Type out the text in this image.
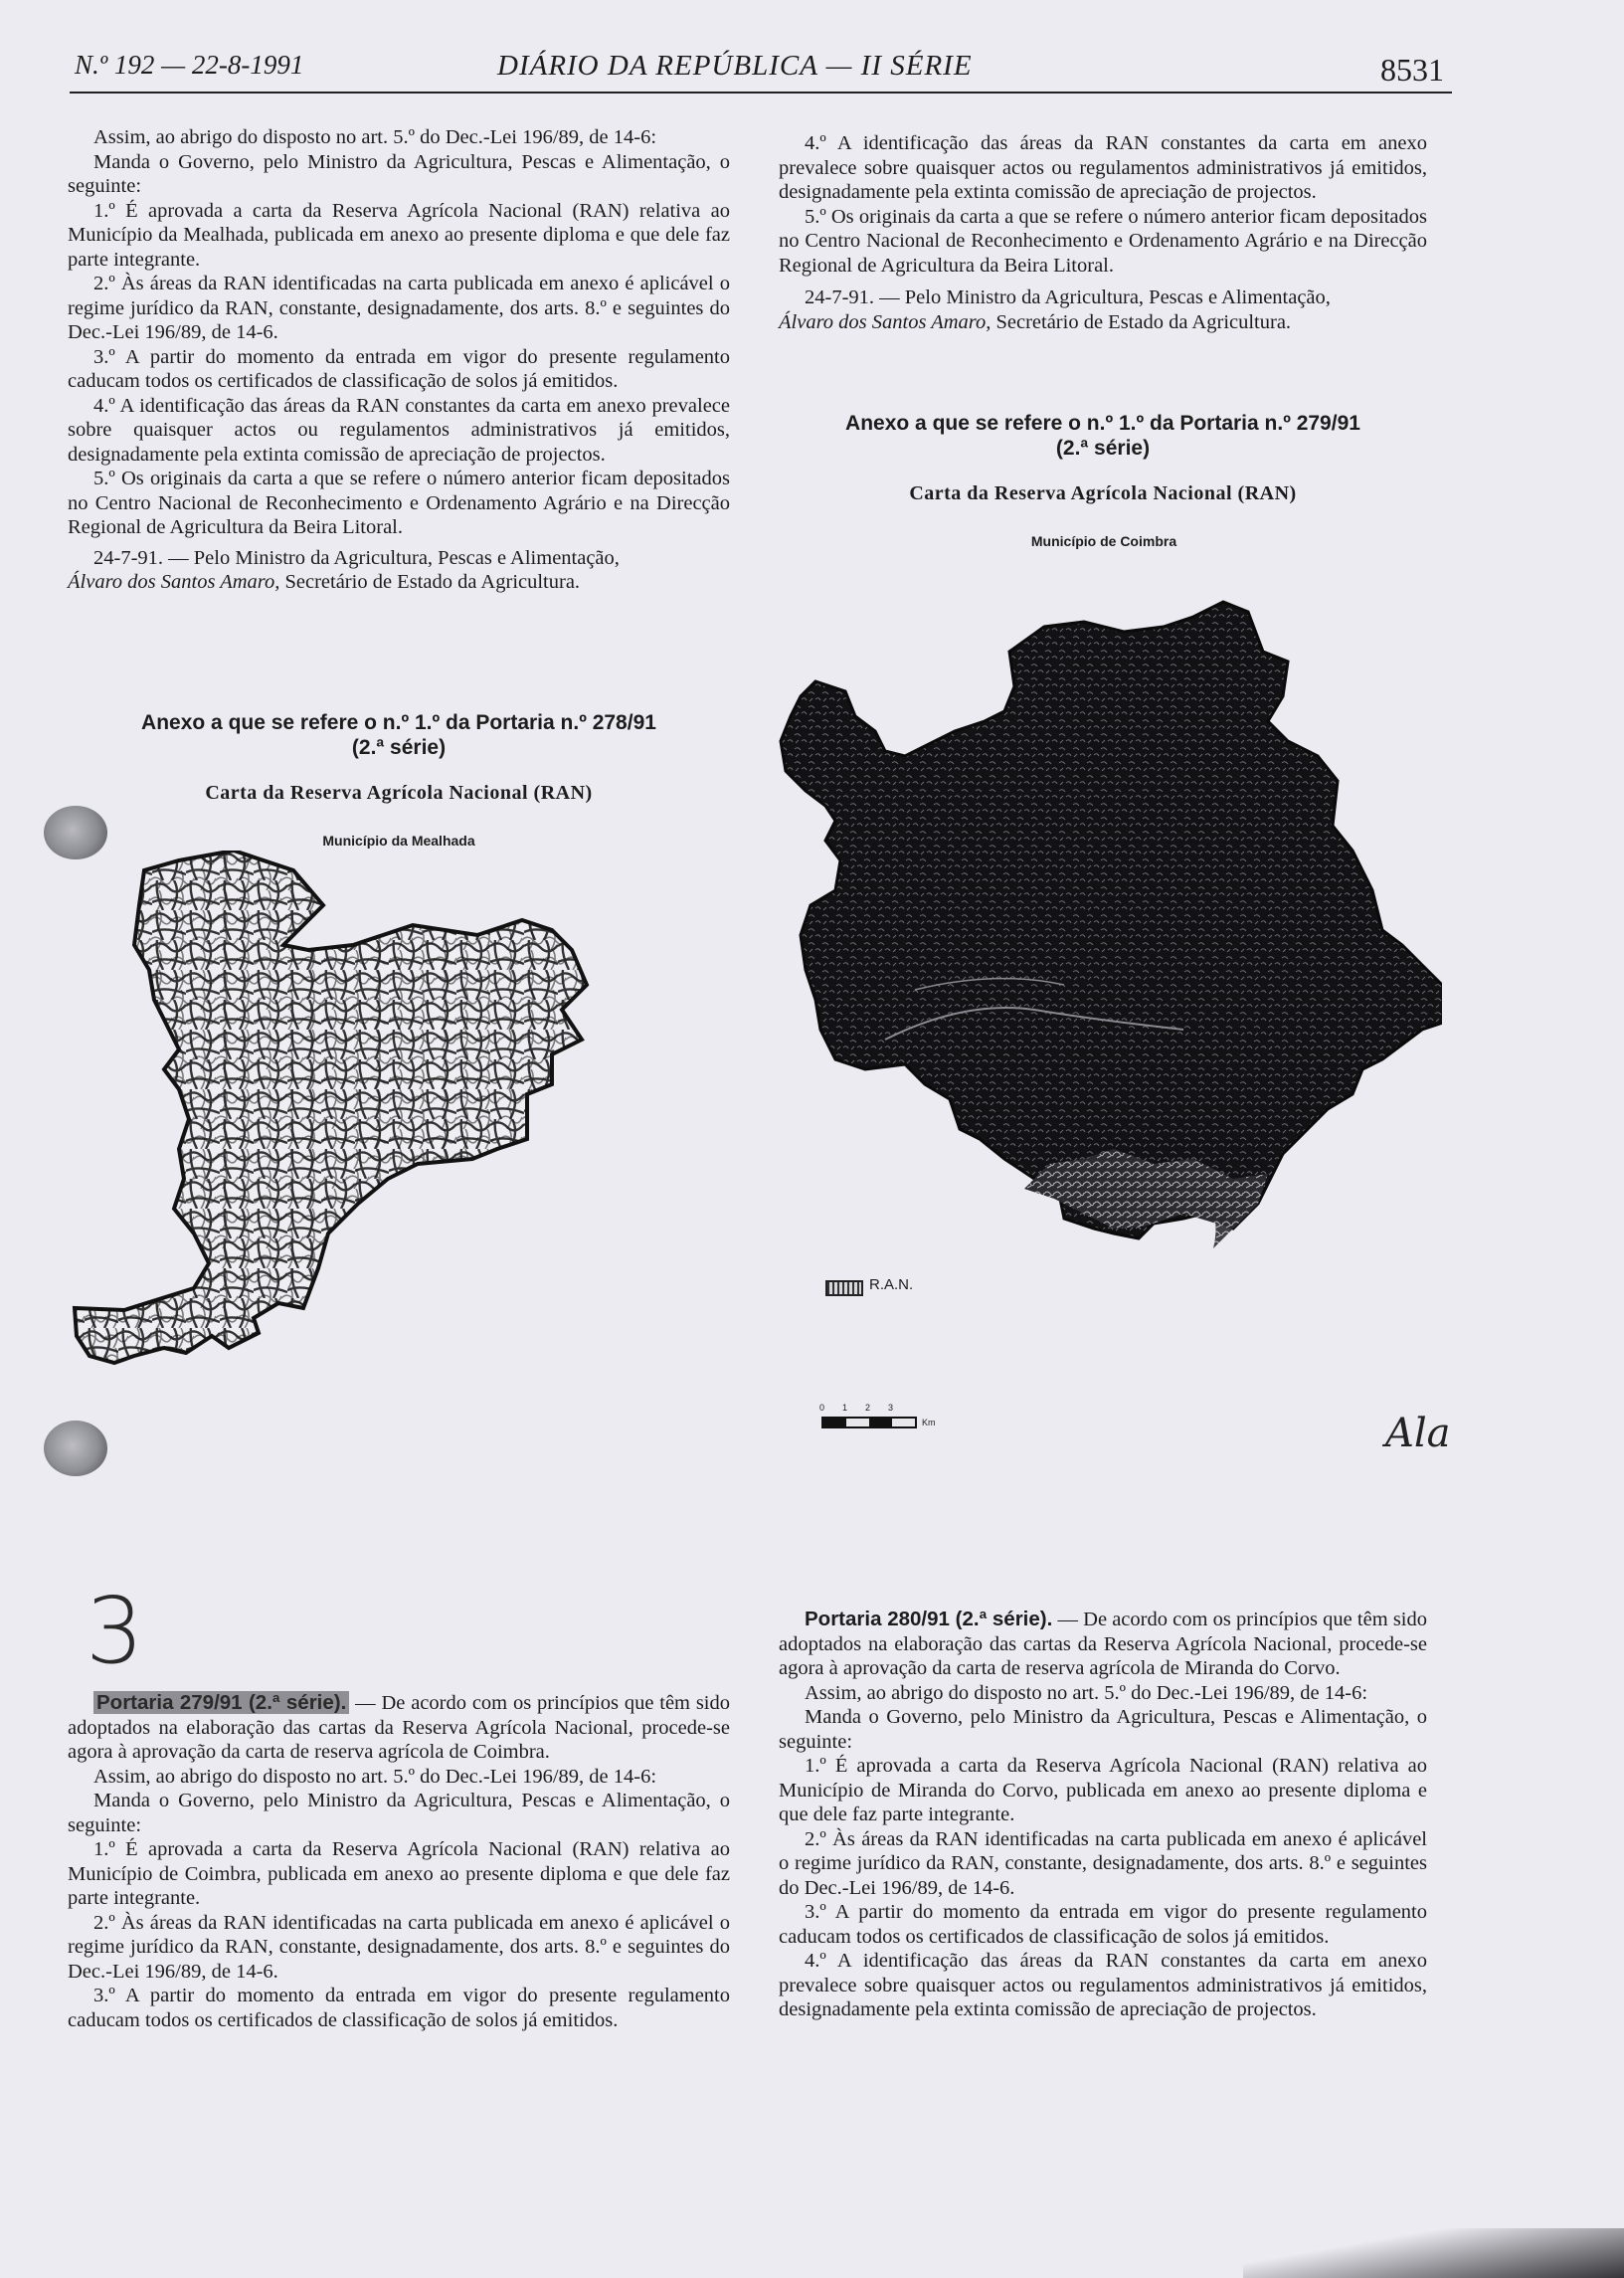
N.º 192 — 22-8-1991	DIÁRIO DA REPÚBLICA — II SÉRIE	8531

Assim, ao abrigo do disposto no art. 5.º do Dec.-Lei 196/89, de 14-6:

Manda o Governo, pelo Ministro da Agricultura, Pescas e Alimentação, o seguinte:

1.º É aprovada a carta da Reserva Agrícola Nacional (RAN) relativa ao Município da Mealhada, publicada em anexo ao presente diploma e que dele faz parte integrante.

2.º Às áreas da RAN identificadas na carta publicada em anexo é aplicável o regime jurídico da RAN, constante, designadamente, dos arts. 8.º e seguintes do Dec.-Lei 196/89, de 14-6.

3.º A partir do momento da entrada em vigor do presente regulamento caducam todos os certificados de classificação de solos já emitidos.

4.º A identificação das áreas da RAN constantes da carta em anexo prevalece sobre quaisquer actos ou regulamentos administrativos já emitidos, designadamente pela extinta comissão de apreciação de projectos.

5.º Os originais da carta a que se refere o número anterior ficam depositados no Centro Nacional de Reconhecimento e Ordenamento Agrário e na Direcção Regional de Agricultura da Beira Litoral.

24-7-91. — Pelo Ministro da Agricultura, Pescas e Alimentação,

Álvaro dos Santos Amaro, Secretário de Estado da Agricultura.

Anexo a que se refere o n.º 1.º da Portaria n.º 278/91
(2.ª série)
Carta da Reserva Agrícola Nacional (RAN)
Município da Mealhada

4.º A identificação das áreas da RAN constantes da carta em anexo prevalece sobre quaisquer actos ou regulamentos administrativos já emitidos, designadamente pela extinta comissão de apreciação de projectos.

5.º Os originais da carta a que se refere o número anterior ficam depositados no Centro Nacional de Reconhecimento e Ordenamento Agrário e na Direcção Regional de Agricultura da Beira Litoral.

24-7-91. — Pelo Ministro da Agricultura, Pescas e Alimentação,

Álvaro dos Santos Amaro, Secretário de Estado da Agricultura.

Anexo a que se refere o n.º 1.º da Portaria n.º 279/91
(2.ª série)
Carta da Reserva Agrícola Nacional (RAN)
Município de Coimbra
R.A.N.
0 1 2 3
Km	Ala
3

Portaria 279/91 (2.ª série). — De acordo com os princípios que têm sido adoptados na elaboração das cartas da Reserva Agrícola Nacional, procede-se agora à aprovação da carta de reserva agrícola de Coimbra.

Assim, ao abrigo do disposto no art. 5.º do Dec.-Lei 196/89, de 14-6:

Manda o Governo, pelo Ministro da Agricultura, Pescas e Alimentação, o seguinte:

1.º É aprovada a carta da Reserva Agrícola Nacional (RAN) relativa ao Município de Coimbra, publicada em anexo ao presente diploma e que dele faz parte integrante.

2.º Às áreas da RAN identificadas na carta publicada em anexo é aplicável o regime jurídico da RAN, constante, designadamente, dos arts. 8.º e seguintes do Dec.-Lei 196/89, de 14-6.

3.º A partir do momento da entrada em vigor do presente regulamento caducam todos os certificados de classificação de solos já emitidos.

Portaria 280/91 (2.ª série). — De acordo com os princípios que têm sido adoptados na elaboração das cartas da Reserva Agrícola Nacional, procede-se agora à aprovação da carta de reserva agrícola de Miranda do Corvo.

Assim, ao abrigo do disposto no art. 5.º do Dec.-Lei 196/89, de 14-6:

Manda o Governo, pelo Ministro da Agricultura, Pescas e Alimentação, o seguinte:

1.º É aprovada a carta da Reserva Agrícola Nacional (RAN) relativa ao Município de Miranda do Corvo, publicada em anexo ao presente diploma e que dele faz parte integrante.

2.º Às áreas da RAN identificadas na carta publicada em anexo é aplicável o regime jurídico da RAN, constante, designadamente, dos arts. 8.º e seguintes do Dec.-Lei 196/89, de 14-6.

3.º A partir do momento da entrada em vigor do presente regulamento caducam todos os certificados de classificação de solos já emitidos.

4.º A identificação das áreas da RAN constantes da carta em anexo prevalece sobre quaisquer actos ou regulamentos administrativos já emitidos, designadamente pela extinta comissão de apreciação de projectos.
